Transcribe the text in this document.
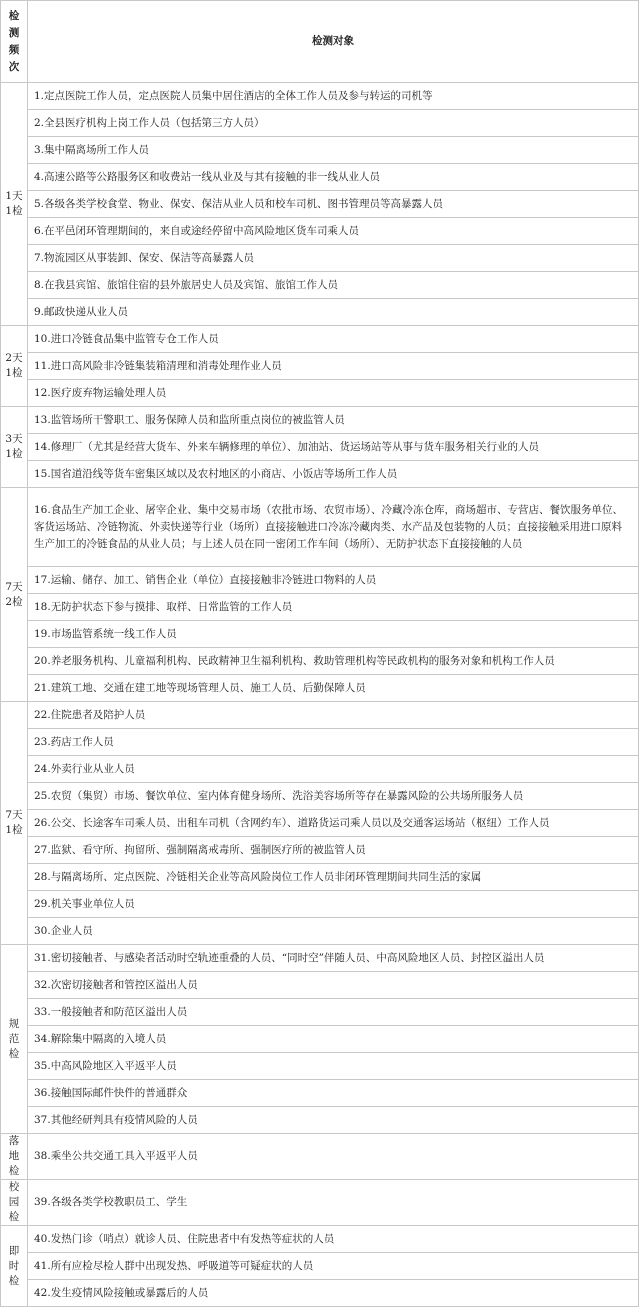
检
测
频
次	检测对象

1天
1检	1.定点医院工作人员，定点医院人员集中居住酒店的全体工作人员及参与转运的司机等
	2.全县医疗机构上岗工作人员（包括第三方人员）
	3.集中隔离场所工作人员
	4.高速公路等公路服务区和收费站一线从业及与其有接触的非一线从业人员
	5.各级各类学校食堂、物业、保安、保洁从业人员和校车司机、图书管理员等高暴露人员
	6.在平邑闭环管理期间的，来自或途经停留中高风险地区货车司乘人员
	7.物流园区从事装卸、保安、保洁等高暴露人员
	8.在我县宾馆、旅馆住宿的县外旅居史人员及宾馆、旅馆工作人员
	9.邮政快递从业人员

2天
1检	10.进口冷链食品集中监管专仓工作人员
	11.进口高风险非冷链集装箱清理和消毒处理作业人员
	12.医疗废弃物运输处理人员

3天
1检	13.监管场所干警职工、服务保障人员和监所重点岗位的被监管人员
	14.修理厂（尤其是经营大货车、外来车辆修理的单位）、加油站、货运场站等从事与货车服务相关行业的人员
	15.国省道沿线等货车密集区域以及农村地区的小商店、小饭店等场所工作人员

7天
2检	16.食品生产加工企业、屠宰企业、集中交易市场（农批市场、农贸市场）、冷藏冷冻仓库，商场超市、专营店、餐饮服务单位、客货运场站、冷链物流、外卖快递等行业（场所）直接接触进口冷冻冷藏肉类、水产品及包装物的人员；直接接触采用进口原料生产加工的冷链食品的从业人员；与上述人员在同一密闭工作车间（场所）、无防护状态下直接接触的人员
	17.运输、储存、加工、销售企业（单位）直接接触非冷链进口物料的人员
	18.无防护状态下参与摸排、取样、日常监管的工作人员
	19.市场监管系统一线工作人员
	20.养老服务机构、儿童福利机构、民政精神卫生福利机构、救助管理机构等民政机构的服务对象和机构工作人员
	21.建筑工地、交通在建工地等现场管理人员、施工人员、后勤保障人员

7天
1检	22.住院患者及陪护人员
	23.药店工作人员
	24.外卖行业从业人员
	25.农贸（集贸）市场、餐饮单位、室内体育健身场所、洗浴美容场所等存在暴露风险的公共场所服务人员
	26.公交、长途客车司乘人员、出租车司机（含网约车）、道路货运司乘人员以及交通客运场站（枢纽）工作人员
	27.监狱、看守所、拘留所、强制隔离戒毒所、强制医疗所的被监管人员
	28.与隔离场所、定点医院、冷链相关企业等高风险岗位工作人员非闭环管理期间共同生活的家属
	29.机关事业单位人员
	30.企业人员

规
范
检	31.密切接触者、与感染者活动时空轨迹重叠的人员、“同时空”伴随人员、中高风险地区人员、封控区溢出人员
	32.次密切接触者和管控区溢出人员
	33.一般接触者和防范区溢出人员
	34.解除集中隔离的入境人员
	35.中高风险地区入平返平人员
	36.接触国际邮件快件的普通群众
	37.其他经研判具有疫情风险的人员

落
地
检	38.乘坐公共交通工具入平返平人员

校
园
检	39.各级各类学校教职员工、学生

即
时
检	40.发热门诊（哨点）就诊人员、住院患者中有发热等症状的人员
	41.所有应检尽检人群中出现发热、呼吸道等可疑症状的人员
	42.发生疫情风险接触或暴露后的人员
